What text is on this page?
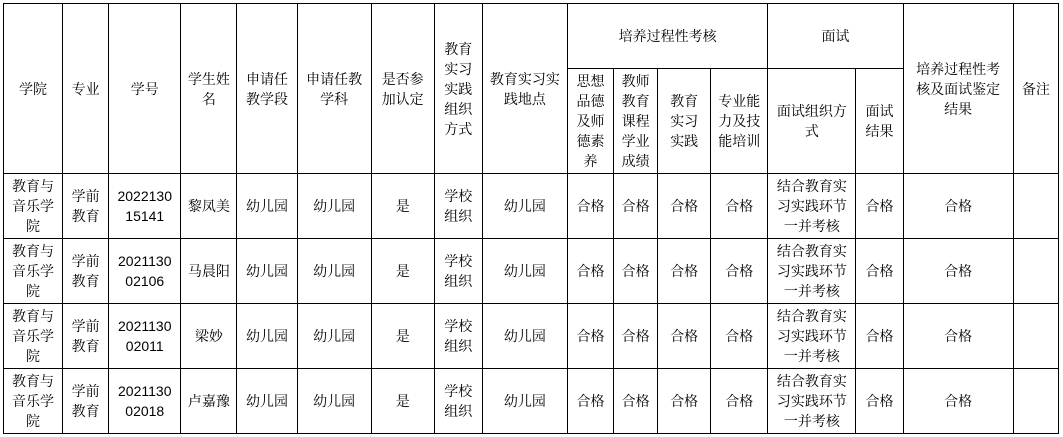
学院	专业	学号	学生姓名	申请任教学段	申请任教学科	是否参加认定	教育实习实践组织方式	教育实习实践地点	培养过程性考核				面试		培养过程性考核及面试鉴定结果	备注
									思想品德及师德素养	教师教育课程学业成绩	教育实习实践	专业能力及技能培训	面试组织方式	面试结果		
教育与音乐学院	学前教育	202213015141	黎凤美	幼儿园	幼儿园	是	学校组织	幼儿园	合格	合格	合格	合格	结合教育实习实践环节一并考核	合格	合格	
教育与音乐学院	学前教育	202113002106	马晨阳	幼儿园	幼儿园	是	学校组织	幼儿园	合格	合格	合格	合格	结合教育实习实践环节一并考核	合格	合格	
教育与音乐学院	学前教育	202113002011	梁妙	幼儿园	幼儿园	是	学校组织	幼儿园	合格	合格	合格	合格	结合教育实习实践环节一并考核	合格	合格	
教育与音乐学院	学前教育	202113002018	卢嘉豫	幼儿园	幼儿园	是	学校组织	幼儿园	合格	合格	合格	合格	结合教育实习实践环节一并考核	合格	合格	
